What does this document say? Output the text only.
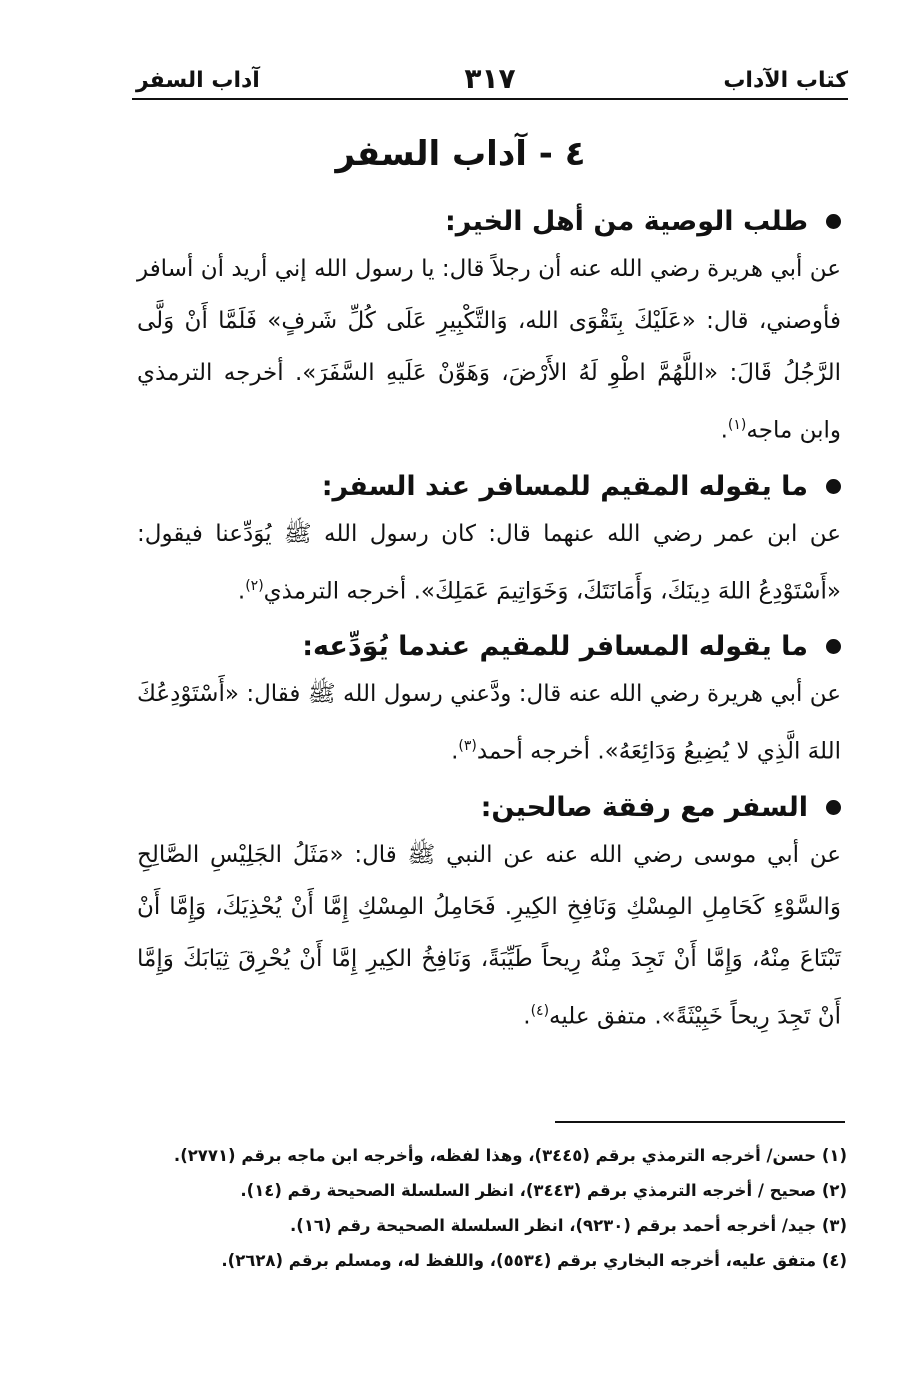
كتاب الآداب
٣١٧
آداب السفر
٤ - آداب السفر
طلب الوصية من أهل الخير:
عن أبي هريرة رضي الله عنه أن رجلاً قال: يا رسول الله إني أريد أن أسافر فأوصني، قال: «عَلَيْكَ بِتَقْوَى الله، وَالتَّكْبِيرِ عَلَى كُلِّ شَرفٍ» فَلَمَّا أَنْ وَلَّى الرَّجُلُ قَالَ: «اللَّهُمَّ اطْوِ لَهُ الأَرْضَ، وَهَوِّنْ عَلَيهِ السَّفَرَ». أخرجه الترمذي وابن ماجه$^{(١)}$.
ما يقوله المقيم للمسافر عند السفر:
عن ابن عمر رضي الله عنهما قال: كان رسول الله ﷺ يُوَدِّعنا فيقول: «أَسْتَوْدِعُ اللهَ دِينَكَ، وَأَمَانَتَكَ، وَخَوَاتِيمَ عَمَلِكَ». أخرجه الترمذي$^{(٢)}$.
ما يقوله المسافر للمقيم عندما يُوَدِّعه:
عن أبي هريرة رضي الله عنه قال: ودَّعني رسول الله ﷺ فقال: «أَسْتَوْدِعُكَ اللهَ الَّذِي لا يُضِيعُ وَدَائِعَهُ». أخرجه أحمد$^{(٣)}$.
السفر مع رفقة صالحين:
عن أبي موسى رضي الله عنه عن النبي ﷺ قال: «مَثَلُ الجَلِيْسِ الصَّالِحِ وَالسَّوْءِ كَحَامِلِ المِسْكِ وَنَافِخِ الكِيرِ. فَحَامِلُ المِسْكِ إِمَّا أَنْ يُحْذِيَكَ، وَإِمَّا أَنْ تَبْتَاعَ مِنْهُ، وَإِمَّا أَنْ تَجِدَ مِنْهُ رِيحاً طَيِّبَةً، وَنَافِخُ الكِيرِ إِمَّا أَنْ يُحْرِقَ ثِيَابَكَ وَإِمَّا أَنْ تَجِدَ رِيحاً خَبِيْثَةً». متفق عليه$^{(٤)}$.
(١) حسن/ أخرجه الترمذي برقم (٣٤٤٥)، وهذا لفظه، وأخرجه ابن ماجه برقم (٢٧٧١).
(٢) صحيح / أخرجه الترمذي برقم (٣٤٤٣)، انظر السلسلة الصحيحة رقم (١٤).
(٣) جيد/ أخرجه أحمد برقم (٩٢٣٠)، انظر السلسلة الصحيحة رقم (١٦).
(٤) متفق عليه، أخرجه البخاري برقم (٥٥٣٤)، واللفظ له، ومسلم برقم (٢٦٢٨).
